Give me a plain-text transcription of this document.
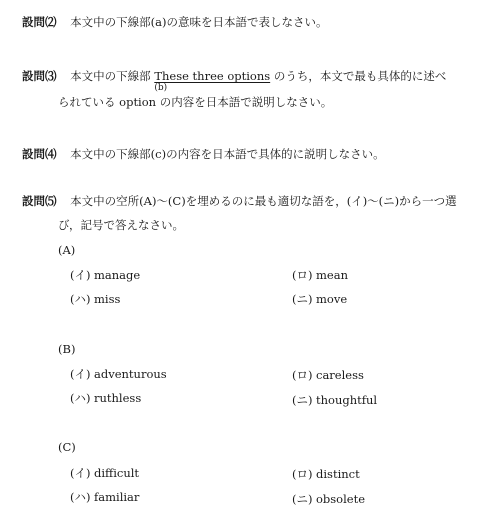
設問⑵ 本文中の下線部(a)の意味を日本語で表しなさい。
設問⑶ 本文中の下線部 These three options
(b)
のうち，本文で最も具体的に述べ
られている option の内容を日本語で説明しなさい。
設問⑷ 本文中の下線部(c)の内容を日本語で具体的に説明しなさい。
設問⑸ 本文中の空所(A)～(C)を埋めるのに最も適切な語を，(イ)～(ニ)から一つ選
び，記号で答えなさい。
(A)
(イ) manage	(ロ) mean
(ハ) miss	(ニ) move
(B)
(イ) adventurous	(ロ) careless
(ハ) ruthless	(ニ) thoughtful
(C)
(イ) difficult	(ロ) distinct
(ハ) familiar	(ニ) obsolete
